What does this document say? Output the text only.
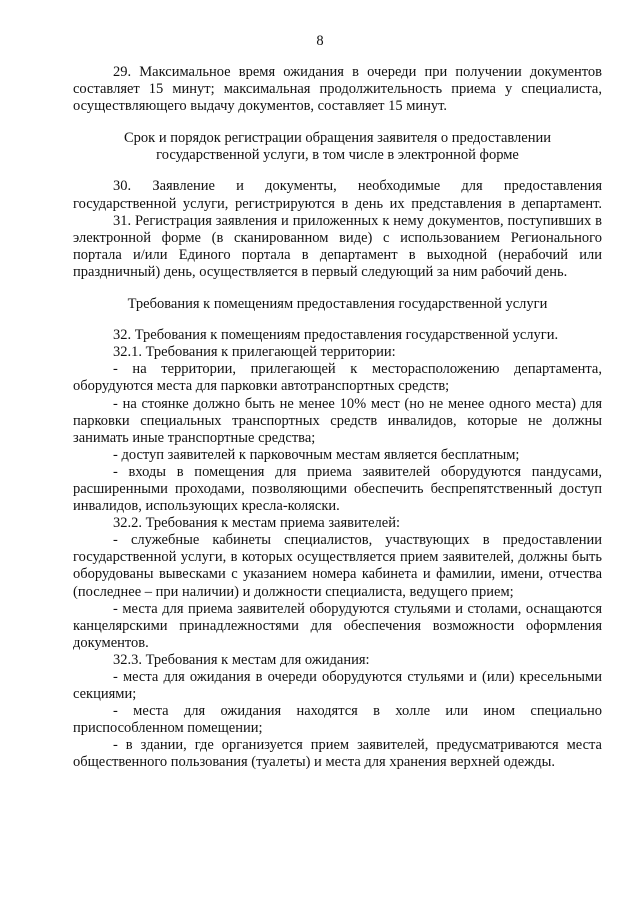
8

29. Максимальное время ожидания в очереди при получении документов составляет 15 минут; максимальная продолжительность приема у специалиста, осуществляющего выдачу документов, составляет 15 минут.

Срок и порядок регистрации обращения заявителя о предоставлении государственной услуги, в том числе в электронной форме

30. Заявление и документы, необходимые для предоставления государственной услуги, регистрируются в день их представления в департамент.

31. Регистрация заявления и приложенных к нему документов, поступивших в электронной форме (в сканированном виде) с использованием Регионального портала и/или Единого портала в департамент в выходной (нерабочий или праздничный) день, осуществляется в первый следующий за ним рабочий день.

Требования к помещениям предоставления государственной услуги

32. Требования к помещениям предоставления государственной услуги.

32.1. Требования к прилегающей территории:

- на территории, прилегающей к месторасположению департамента, оборудуются места для парковки автотранспортных средств;

- на стоянке должно быть не менее 10% мест (но не менее одного места) для парковки специальных транспортных средств инвалидов, которые не должны занимать иные транспортные средства;

- доступ заявителей к парковочным местам является бесплатным;

- входы в помещения для приема заявителей оборудуются пандусами, расширенными проходами, позволяющими обеспечить беспрепятственный доступ инвалидов, использующих кресла-коляски.

32.2. Требования к местам приема заявителей:

- служебные кабинеты специалистов, участвующих в предоставлении государственной услуги, в которых осуществляется прием заявителей, должны быть оборудованы вывесками с указанием номера кабинета и фамилии, имени, отчества (последнее – при наличии) и должности специалиста, ведущего прием;

- места для приема заявителей оборудуются стульями и столами, оснащаются канцелярскими принадлежностями для обеспечения возможности оформления документов.

32.3. Требования к местам для ожидания:

- места для ожидания в очереди оборудуются стульями и (или) кресельными секциями;

- места для ожидания находятся в холле или ином специально приспособленном помещении;

- в здании, где организуется прием заявителей, предусматриваются места общественного пользования (туалеты) и места для хранения верхней одежды.
